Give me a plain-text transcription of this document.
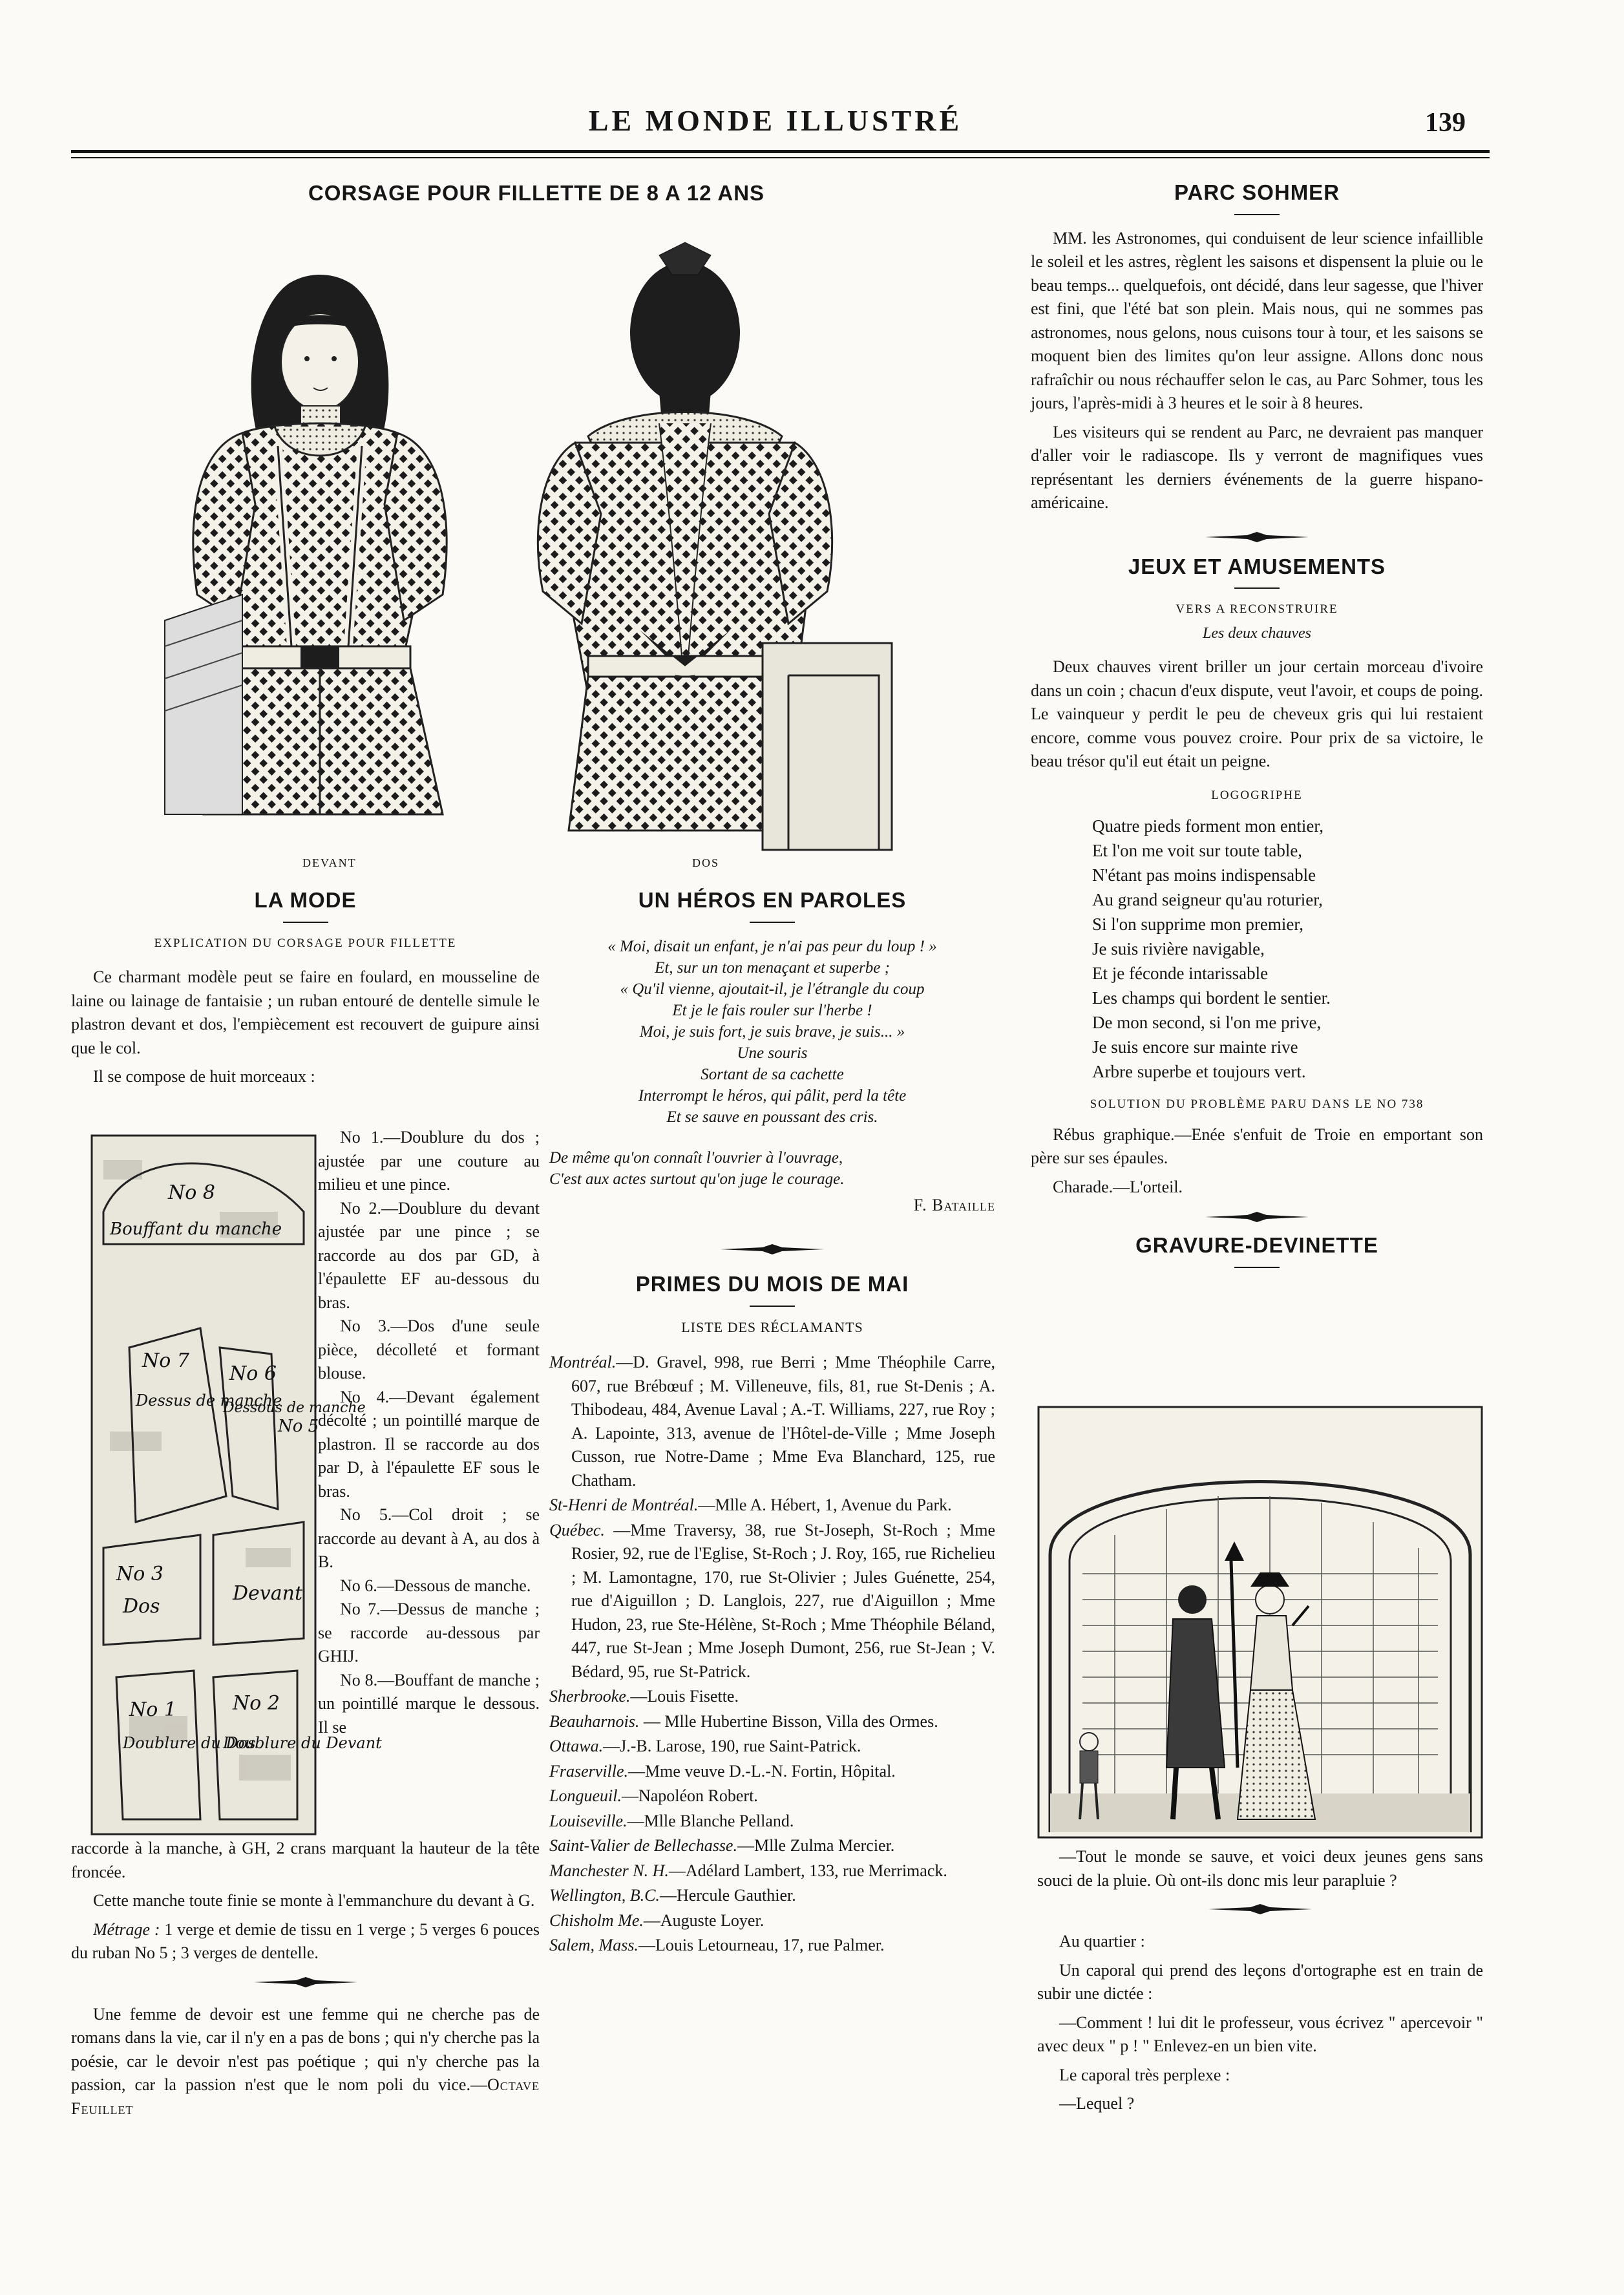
LE MONDE ILLUSTRÉ	139
CORSAGE POUR FILLETTE DE 8 A 12 ANS
DEVANT	DOS
LA MODE
EXPLICATION DU CORSAGE POUR FILLETTE

Ce charmant modèle peut se faire en foulard, en mousseline de laine ou lainage de fantaisie ; un ruban entouré de dentelle simule le plastron devant et dos, l'empiècement est recouvert de guipure ainsi que le col.

Il se compose de huit morceaux :

No 8
Bouffant du manche
No 7
Dessus de manche
No 6
Dessous de manche
No 5
No 3
Dos
Devant
No 1
Doublure du Dos
No 2
Doublure du Devant

No 1.—Doublure du dos ; ajustée par une couture au milieu et une pince.

No 2.—Doublure du devant ajustée par une pince ; se raccorde au dos par GD, à l'épaulette EF au-dessous du bras.

No 3.—Dos d'une seule pièce, décolleté et formant blouse.

No 4.—Devant également décolté ; un pointillé marque de plastron. Il se raccorde au dos par D, à l'épaulette EF sous le bras.

No 5.—Col droit ; se raccorde au devant à A, au dos à B.

No 6.—Dessous de manche.

No 7.—Dessus de manche ; se raccorde au-dessous par GHIJ.

No 8.—Bouffant de manche ; un pointillé marque le dessous. Il se

raccorde à la manche, à GH, 2 crans marquant la hauteur de la tête froncée.

Cette manche toute finie se monte à l'emmanchure du devant à G.

Métrage : 1 verge et demie de tissu en 1 verge ; 5 verges 6 pouces du ruban No 5 ; 3 verges de dentelle.

Une femme de devoir est une femme qui ne cherche pas de romans dans la vie, car il n'y en a pas de bons ; qui n'y cherche pas la poésie, car le devoir n'est pas poétique ; qui n'y cherche pas la passion, car la passion n'est que le nom poli du vice.—Octave Feuillet

UN HÉROS EN PAROLES
« Moi, disait un enfant, je n'ai pas peur du loup ! »
Et, sur un ton menaçant et superbe ;
« Qu'il vienne, ajoutait-il, je l'étrangle du coup
Et je le fais rouler sur l'herbe !
Moi, je suis fort, je suis brave, je suis... »
Une souris
Sortant de sa cachette
Interrompt le héros, qui pâlit, perd la tête
Et se sauve en poussant des cris.
De même qu'on connaît l'ouvrier à l'ouvrage,
C'est aux actes surtout qu'on juge le courage.
F. Bataille
PRIMES DU MOIS DE MAI
LISTE DES RÉCLAMANTS

Montréal.—D. Gravel, 998, rue Berri ; Mme Théophile Carre, 607, rue Brébœuf ; M. Villeneuve, fils, 81, rue St-Denis ; A. Thibodeau, 484, Avenue Laval ; A.-T. Williams, 227, rue Roy ; A. Lapointe, 313, avenue de l'Hôtel-de-Ville ; Mme Joseph Cusson, rue Notre-Dame ; Mme Eva Blanchard, 125, rue Chatham.

St-Henri de Montréal.—Mlle A. Hébert, 1, Avenue du Park.

Québec. —Mme Traversy, 38, rue St-Joseph, St-Roch ; Mme Rosier, 92, rue de l'Eglise, St-Roch ; J. Roy, 165, rue Richelieu ; M. Lamontagne, 170, rue St-Olivier ; Jules Guénette, 254, rue d'Aiguillon ; D. Langlois, 227, rue d'Aiguillon ; Mme Hudon, 23, rue Ste-Hélène, St-Roch ; Mme Théophile Béland, 447, rue St-Jean ; Mme Joseph Dumont, 256, rue St-Jean ; V. Bédard, 95, rue St-Patrick.

Sherbrooke.—Louis Fisette.

Beauharnois. — Mlle Hubertine Bisson, Villa des Ormes.

Ottawa.—J.-B. Larose, 190, rue Saint-Patrick.

Fraserville.—Mme veuve D.-L.-N. Fortin, Hôpital.

Longueuil.—Napoléon Robert.

Louiseville.—Mlle Blanche Pelland.

Saint-Valier de Bellechasse.—Mlle Zulma Mercier.

Manchester N. H.—Adélard Lambert, 133, rue Merrimack.

Wellington, B.C.—Hercule Gauthier.

Chisholm Me.—Auguste Loyer.

Salem, Mass.—Louis Letourneau, 17, rue Palmer.

PARC SOHMER

MM. les Astronomes, qui conduisent de leur science infaillible le soleil et les astres, règlent les saisons et dispensent la pluie ou le beau temps... quelquefois, ont décidé, dans leur sagesse, que l'hiver est fini, que l'été bat son plein. Mais nous, qui ne sommes pas astronomes, nous gelons, nous cuisons tour à tour, et les saisons se moquent bien des limites qu'on leur assigne. Allons donc nous rafraîchir ou nous réchauffer selon le cas, au Parc Sohmer, tous les jours, l'après-midi à 3 heures et le soir à 8 heures.

Les visiteurs qui se rendent au Parc, ne devraient pas manquer d'aller voir le radiascope. Ils y verront de magnifiques vues représentant les derniers événements de la guerre hispano-américaine.

JEUX ET AMUSEMENTS
VERS A RECONSTRUIRE
Les deux chauves

Deux chauves virent briller un jour certain morceau d'ivoire dans un coin ; chacun d'eux dispute, veut l'avoir, et coups de poing. Le vainqueur y perdit le peu de cheveux gris qui lui restaient encore, comme vous pouvez croire. Pour prix de sa victoire, le beau trésor qu'il eut était un peigne.

LOGOGRIPHE
Quatre pieds forment mon entier,
Et l'on me voit sur toute table,
N'étant pas moins indispensable
Au grand seigneur qu'au roturier,
Si l'on supprime mon premier,
Je suis rivière navigable,
Et je féconde intarissable
Les champs qui bordent le sentier.
De mon second, si l'on me prive,
Je suis encore sur mainte rive
Arbre superbe et toujours vert.
SOLUTION DU PROBLÈME PARU DANS LE NO 738

Rébus graphique.—Enée s'enfuit de Troie en emportant son père sur ses épaules.

Charade.—L'orteil.

GRAVURE-DEVINETTE

—Tout le monde se sauve, et voici deux jeunes gens sans souci de la pluie. Où ont-ils donc mis leur parapluie ?

Au quartier :

Un caporal qui prend des leçons d'ortographe est en train de subir une dictée :

—Comment ! lui dit le professeur, vous écrivez " apercevoir " avec deux " p ! " Enlevez-en un bien vite.

Le caporal très perplexe :

—Lequel ?
